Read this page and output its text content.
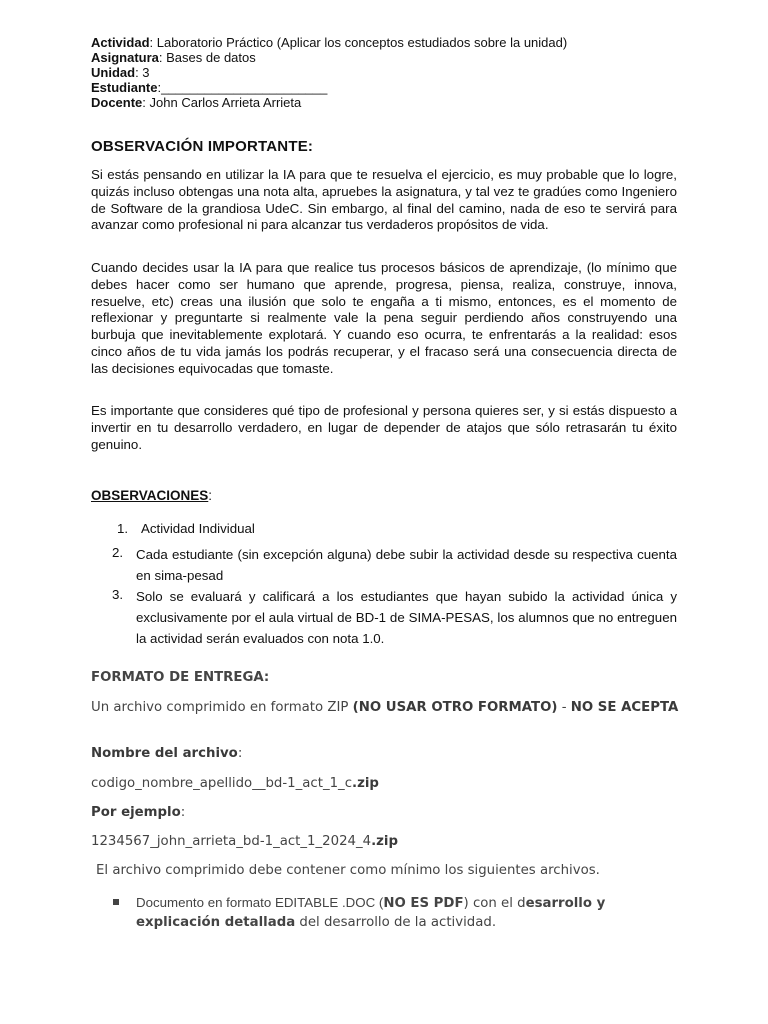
Actividad: Laboratorio Práctico (Aplicar los conceptos estudiados sobre la unidad)
Asignatura: Bases de datos
Unidad: 3
Estudiante:_______________________
Docente: John Carlos Arrieta Arrieta
OBSERVACIÓN IMPORTANTE:
Si estás pensando en utilizar la IA para que te resuelva el ejercicio, es muy probable que lo logre, quizás incluso obtengas una nota alta, apruebes la asignatura, y tal vez te gradúes como Ingeniero de Software de la grandiosa UdeC. Sin embargo, al final del camino, nada de eso te servirá para avanzar como profesional ni para alcanzar tus verdaderos propósitos de vida.
Cuando decides usar la IA para que realice tus procesos básicos de aprendizaje, (lo mínimo que debes hacer como ser humano que aprende, progresa, piensa, realiza, construye, innova, resuelve, etc) creas una ilusión que solo te engaña a ti mismo, entonces, es el momento de reflexionar y preguntarte si realmente vale la pena seguir perdiendo años construyendo una burbuja que inevitablemente explotará. Y cuando eso ocurra, te enfrentarás a la realidad: esos cinco años de tu vida jamás los podrás recuperar, y el fracaso será una consecuencia directa de las decisiones equivocadas que tomaste.
Es importante que consideres qué tipo de profesional y persona quieres ser, y si estás dispuesto a invertir en tu desarrollo verdadero, en lugar de depender de atajos que sólo retrasarán tu éxito genuino.
OBSERVACIONES:
1. Actividad Individual
2. Cada estudiante (sin excepción alguna) debe subir la actividad desde su respectiva cuenta en sima-pesad
3. Solo se evaluará y calificará a los estudiantes que hayan subido la actividad única y exclusivamente por el aula virtual de BD-1 de SIMA-PESAS, los alumnos que no entreguen la actividad serán evaluados con nota 1.0.
FORMATO DE ENTREGA:
Un archivo comprimido en formato ZIP (NO USAR OTRO FORMATO) - NO SE ACEPTA
Nombre del archivo:
codigo_nombre_apellido__bd-1_act_1_c.zip
Por ejemplo:
1234567_john_arrieta_bd-1_act_1_2024_4.zip
El archivo comprimido debe contener como mínimo los siguientes archivos.
Documento en formato EDITABLE .DOC (NO ES PDF) con el desarrollo y explicación detallada del desarrollo de la actividad.
